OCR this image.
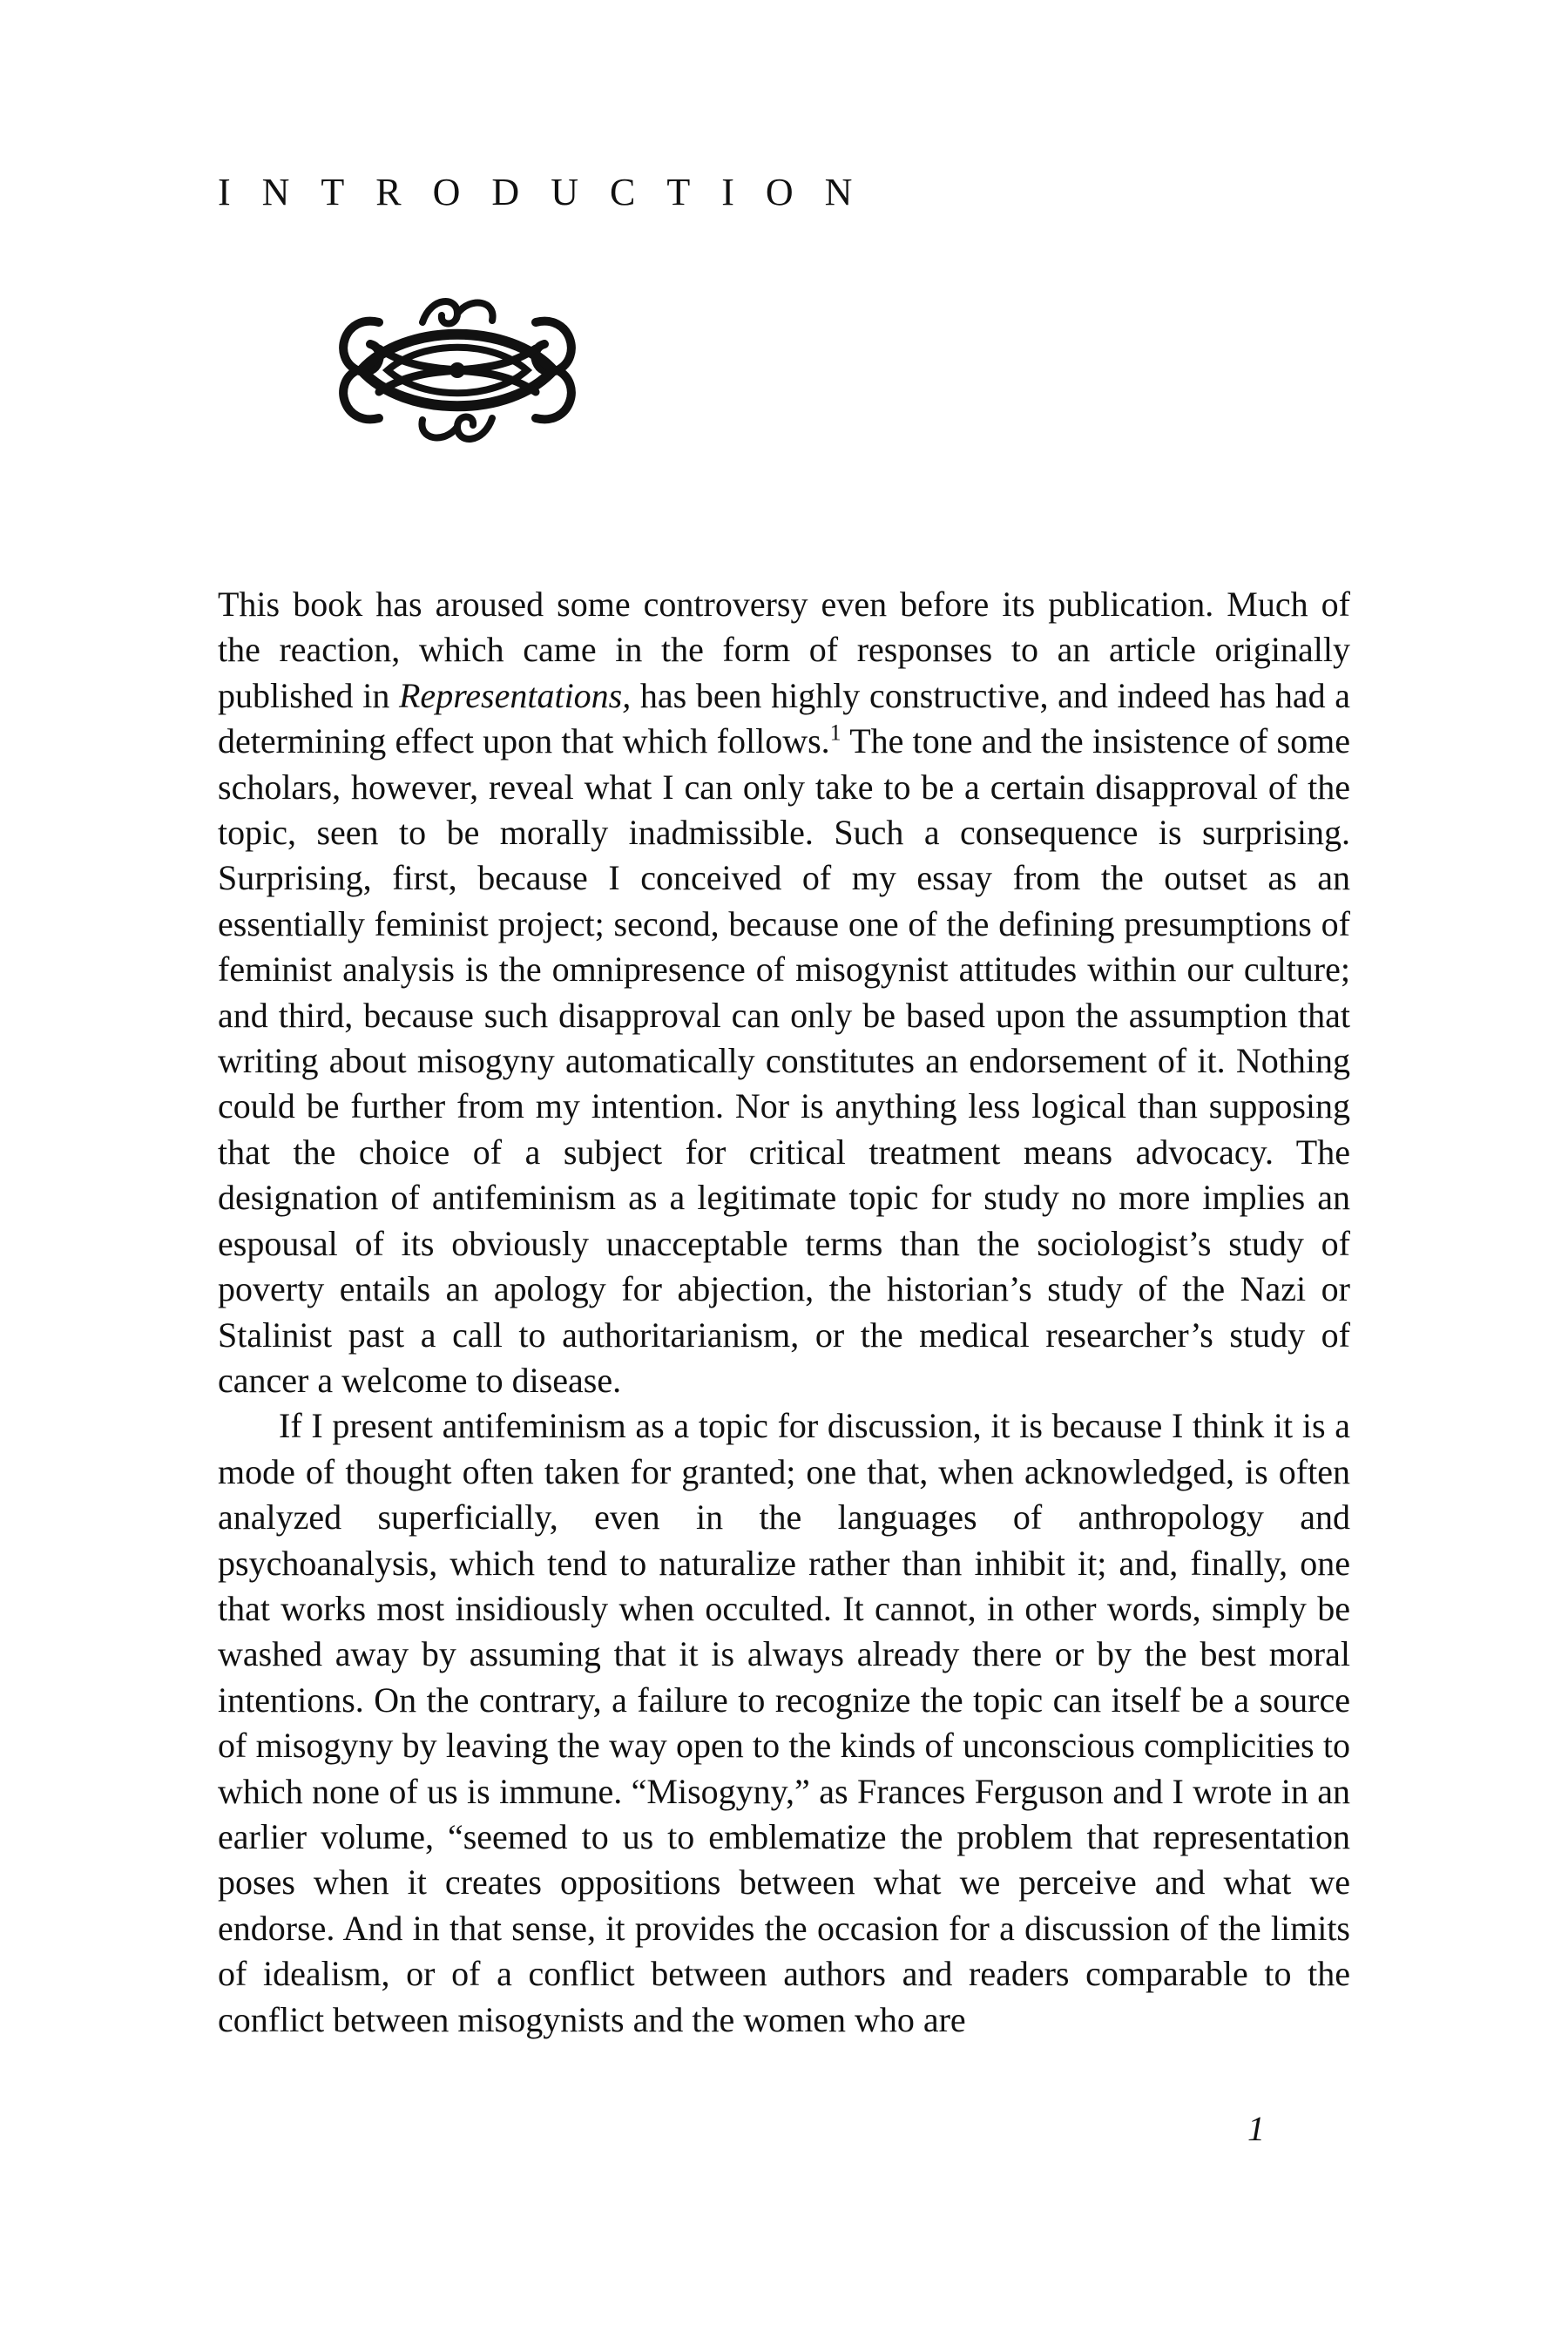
INTRODUCTION

This book has aroused some controversy even before its publication. Much of the reaction, which came in the form of responses to an article originally published in Representations, has been highly constructive, and indeed has had a determining effect upon that which follows.$^1$ The tone and the insistence of some scholars, however, reveal what I can only take to be a certain disapproval of the topic, seen to be morally inadmissible. Such a consequence is surprising. Surprising, first, because I conceived of my essay from the outset as an essentially feminist project; second, because one of the defining presumptions of feminist analysis is the omnipresence of misogynist attitudes within our culture; and third, because such disapproval can only be based upon the assumption that writing about misogyny automatically constitutes an endorsement of it. Nothing could be further from my intention. Nor is anything less logical than supposing that the choice of a subject for critical treatment means advocacy. The designation of antifeminism as a legitimate topic for study no more implies an espousal of its obviously unacceptable terms than the sociologist’s study of poverty entails an apology for abjection, the historian’s study of the Nazi or Stalinist past a call to authoritarianism, or the medical researcher’s study of cancer a welcome to disease.

If I present antifeminism as a topic for discussion, it is because I think it is a mode of thought often taken for granted; one that, when acknowledged, is often analyzed superficially, even in the languages of anthropology and psychoanalysis, which tend to naturalize rather than inhibit it; and, finally, one that works most insidiously when occulted. It cannot, in other words, simply be washed away by assuming that it is always already there or by the best moral intentions. On the contrary, a failure to recognize the topic can itself be a source of misogyny by leaving the way open to the kinds of unconscious complicities to which none of us is immune. “Misogyny,” as Frances Ferguson and I wrote in an earlier volume, “seemed to us to emblematize the problem that representation poses when it creates oppositions between what we perceive and what we endorse. And in that sense, it provides the occasion for a discussion of the limits of idealism, or of a conflict between authors and readers comparable to the conflict between misogynists and the women who are

1
